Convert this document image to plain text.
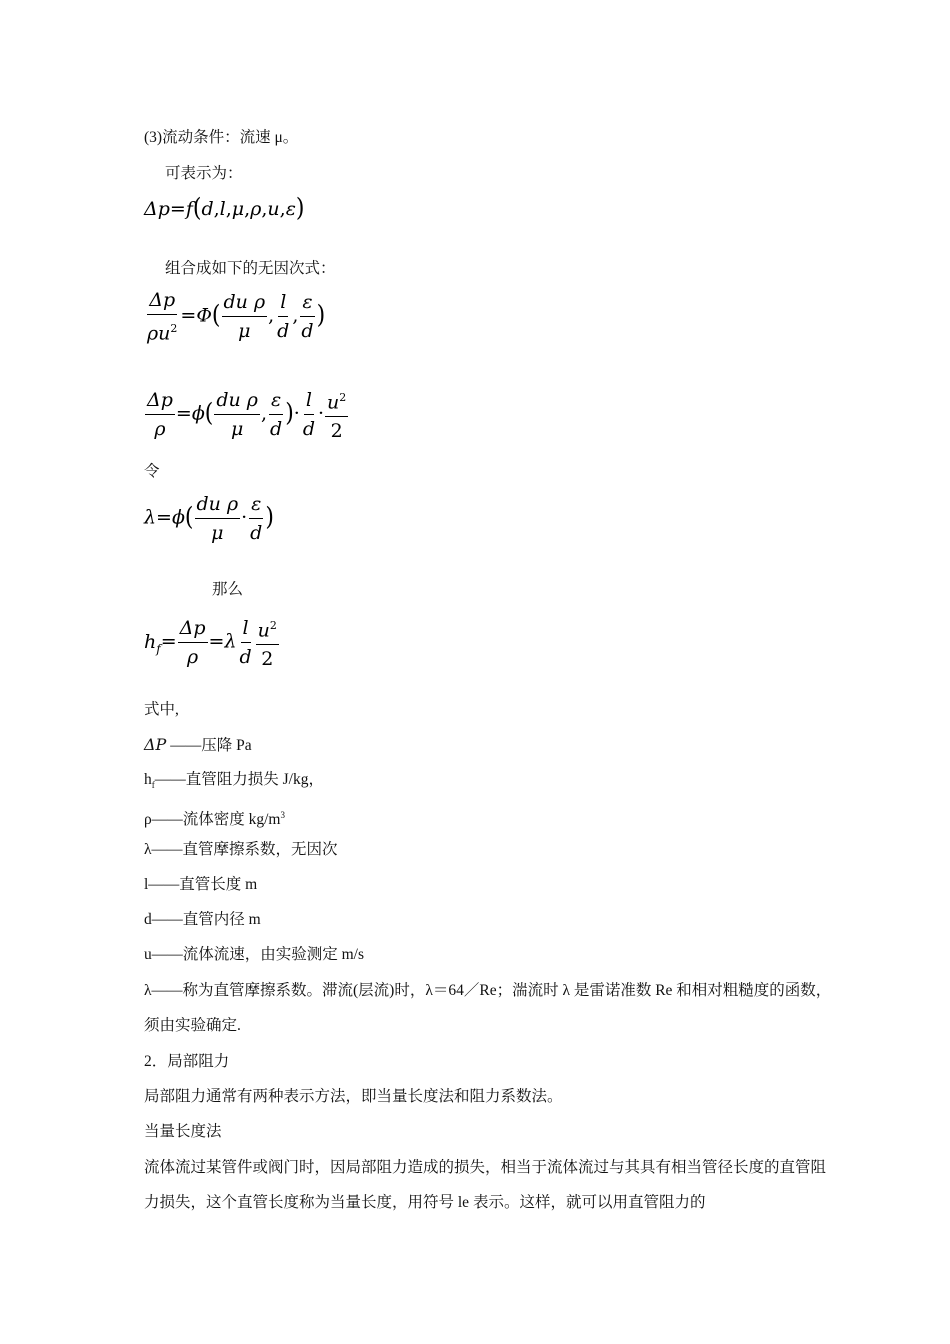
(3)流动条件：流速 μ。
可表示为：
Δp=f(d,l,μ,ρ,u,ε)
组合成如下的无因次式：
$\frac{\Delta p}{\rho u^2} =\Phi( \frac{\text{du ρ}}{\mu}$ , $\frac{l}{d}$ , $\frac{\varepsilon}{d}$ )
$\frac{\Delta p}{\rho} =\phi( \frac{\text{du ρ}}{\mu}$ , $\frac{\varepsilon}{d}$ )· $\frac{l}{d} \cdot \frac{u^2}{2}$
令
$\lambda=\phi( \frac{\text{du ρ}}{\mu} \cdot \frac{\varepsilon}{d}$ )
那么
$h_f= \frac{\Delta p}{\rho} =\lambda \frac{l}{d} \frac{u^2}{2}$
式中,
ΔP ——压降 Pa
$h_f——$直管阻力损失 J/kg，
ρ——流体密度 $kg/m^3$
λ——直管摩擦系数，无因次
l——直管长度 m
d——直管内径 m
u——流体流速，由实验测定 m/s
λ——称为直管摩擦系数。滞流(层流)时，λ＝64／Re；湍流时 λ 是雷诺准数 Re 和相对粗糙度的函数，须由实验确定.
2．局部阻力
局部阻力通常有两种表示方法，即当量长度法和阻力系数法。
当量长度法
流体流过某管件或阀门时，因局部阻力造成的损失，相当于流体流过与其具有相当管径长度的直管阻力损失，这个直管长度称为当量长度，用符号 le 表示。这样，就可以用直管阻力的
